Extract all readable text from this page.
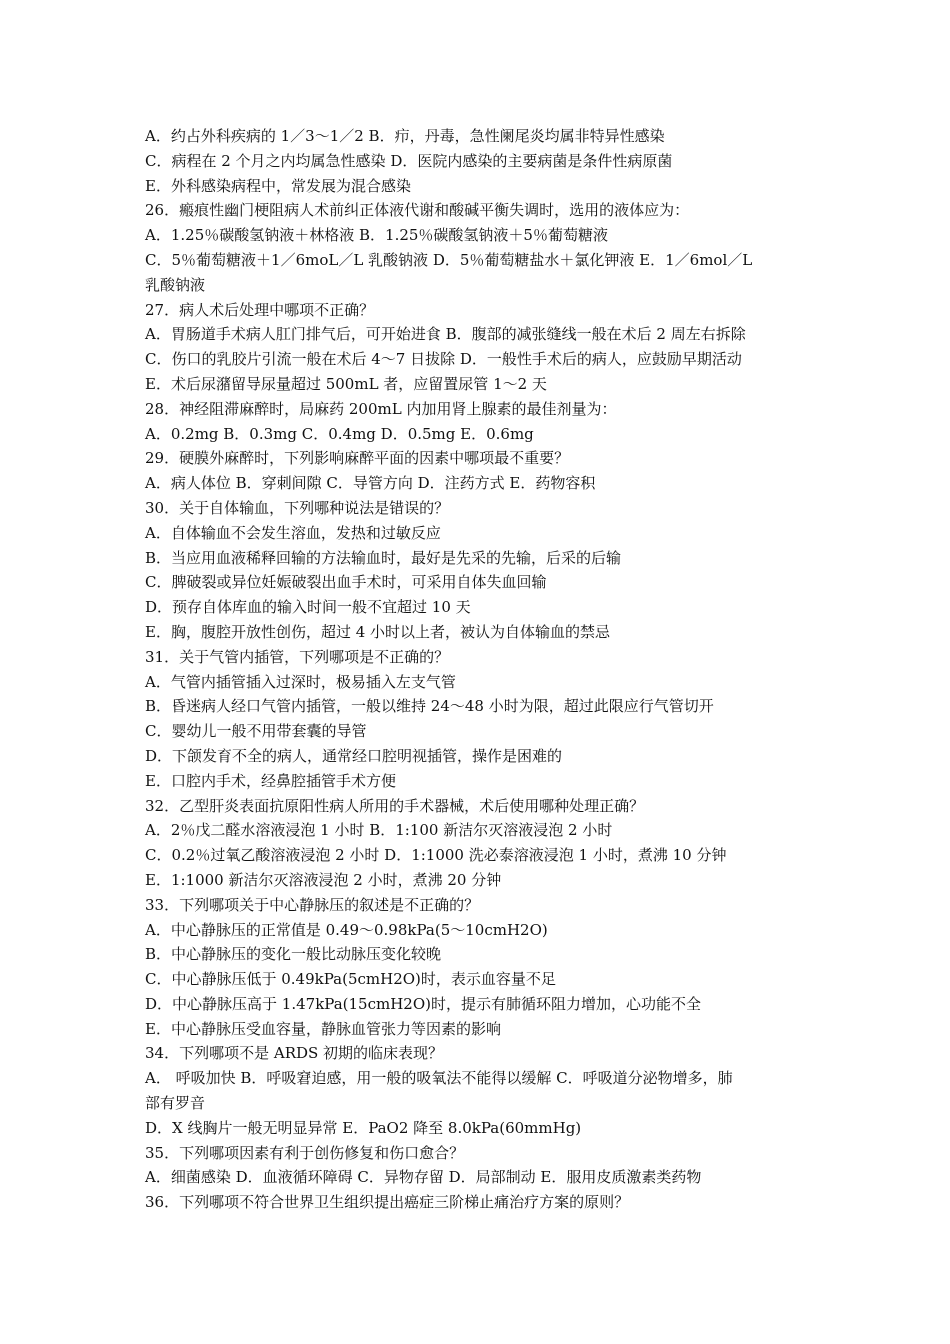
A．约占外科疾病的 1／3～1／2 B．疖，丹毒，急性阑尾炎均属非特异性感染
C．病程在 2 个月之内均属急性感染 D．医院内感染的主要病菌是条件性病原菌
E．外科感染病程中，常发展为混合感染
26．瘢痕性幽门梗阻病人术前纠正体液代谢和酸碱平衡失调时，选用的液体应为：
A．1.25％碳酸氢钠液＋林格液 B．1.25％碳酸氢钠液＋5％葡萄糖液
C．5％葡萄糖液＋1／6moL／L 乳酸钠液 D．5％葡萄糖盐水＋氯化钾液 E．1／6mol／L
乳酸钠液
27．病人术后处理中哪项不正确？
A．胃肠道手术病人肛门排气后，可开始进食 B．腹部的减张缝线一般在术后 2 周左右拆除
C．伤口的乳胶片引流一般在术后 4～7 日拔除 D．一般性手术后的病人，应鼓励早期活动
E．术后尿潴留导尿量超过 500mL 者，应留置尿管 1～2 天
28．神经阻滞麻醉时，局麻药 200mL 内加用肾上腺素的最佳剂量为：
A．0.2mg B．0.3mg C．0.4mg D．0.5mg E．0.6mg
29．硬膜外麻醉时，下列影响麻醉平面的因素中哪项最不重要？
A．病人体位 B．穿刺间隙 C．导管方向 D．注药方式 E．药物容积
30．关于自体输血，下列哪种说法是错误的？
A．自体输血不会发生溶血，发热和过敏反应
B．当应用血液稀释回输的方法输血时，最好是先采的先输，后采的后输
C．脾破裂或异位妊娠破裂出血手术时，可采用自体失血回输
D．预存自体库血的输入时间一般不宜超过 10 天
E．胸，腹腔开放性创伤，超过 4 小时以上者，被认为自体输血的禁忌
31．关于气管内插管，下列哪项是不正确的？
A．气管内插管插入过深时，极易插入左支气管
B．昏迷病人经口气管内插管，一般以维持 24～48 小时为限，超过此限应行气管切开
C．婴幼儿一般不用带套囊的导管
D．下颌发育不全的病人，通常经口腔明视插管，操作是困难的
E．口腔内手术，经鼻腔插管手术方便
32．乙型肝炎表面抗原阳性病人所用的手术器械，术后使用哪种处理正确？
A．2％戊二醛水溶液浸泡 1 小时 B．1:100 新洁尔灭溶液浸泡 2 小时
C．0.2％过氧乙酸溶液浸泡 2 小时 D．1:1000 洗必泰溶液浸泡 1 小时，煮沸 10 分钟
E．1:1000 新洁尔灭溶液浸泡 2 小时，煮沸 20 分钟
33．下列哪项关于中心静脉压的叙述是不正确的？
A．中心静脉压的正常值是 0.49～0.98kPa(5～10cmH2O)
B．中心静脉压的变化一般比动脉压变化较晚
C．中心静脉压低于 0.49kPa(5cmH2O)时，表示血容量不足
D．中心静脉压高于 1.47kPa(15cmH2O)时，提示有肺循环阻力增加，心功能不全
E．中心静脉压受血容量，静脉血管张力等因素的影响
34．下列哪项不是 ARDS 初期的临床表现？
A． 呼吸加快 B．呼吸窘迫感，用一般的吸氧法不能得以缓解 C．呼吸道分泌物增多，肺
部有罗音
D．X 线胸片一般无明显异常 E．PaO2 降至 8.0kPa(60mmHg)
35．下列哪项因素有利于创伤修复和伤口愈合？
A．细菌感染 D．血液循环障碍 C．异物存留 D．局部制动 E．服用皮质激素类药物
36．下列哪项不符合世界卫生组织提出癌症三阶梯止痛治疗方案的原则？
